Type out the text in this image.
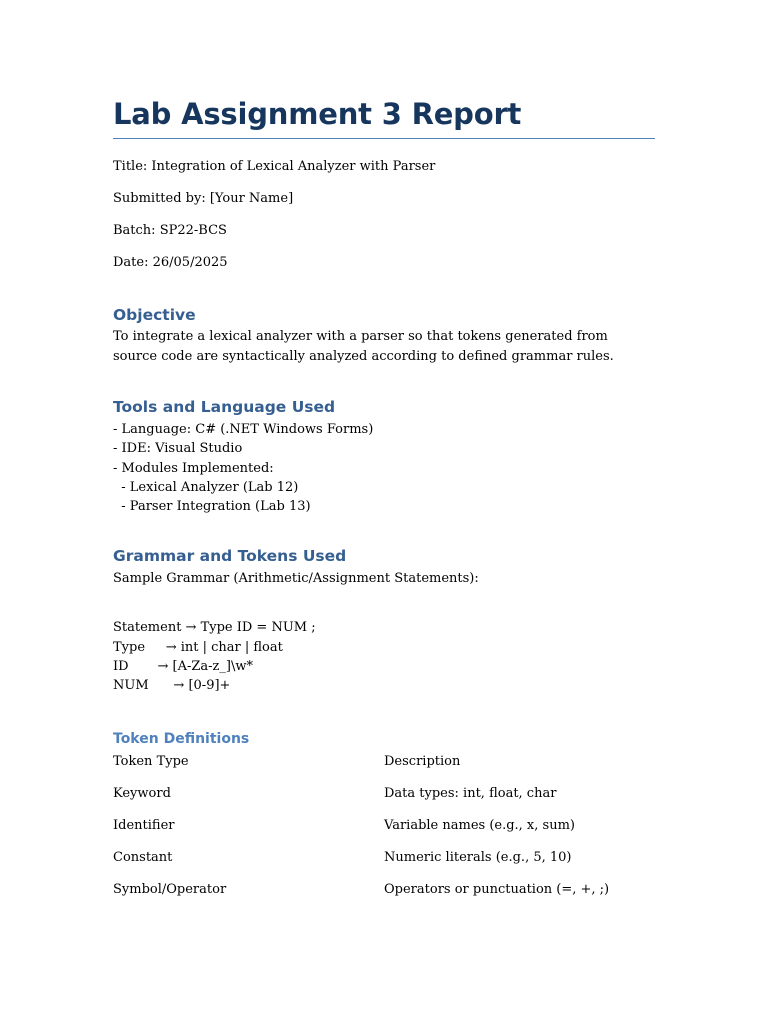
Lab Assignment 3 Report

Title: Integration of Lexical Analyzer with Parser

Submitted by: [Your Name]

Batch: SP22-BCS

Date: 26/05/2025

Objective

To integrate a lexical analyzer with a parser so that tokens generated from source code are syntactically analyzed according to defined grammar rules.

Tools and Language Used
- Language: C# (.NET Windows Forms)
- IDE: Visual Studio
- Modules Implemented:
- Lexical Analyzer (Lab 12)
- Parser Integration (Lab 13)
Grammar and Tokens Used

Sample Grammar (Arithmetic/Assignment Statements):

Statement → Type ID = NUM ;
Type     → int | char | float
ID       → [A-Za-z_]\w*
NUM      → [0-9]+
Token Definitions
Token Type	Description
Keyword	Data types: int, float, char
Identifier	Variable names (e.g., x, sum)
Constant	Numeric literals (e.g., 5, 10)
Symbol/Operator	Operators or punctuation (=, +, ;)
